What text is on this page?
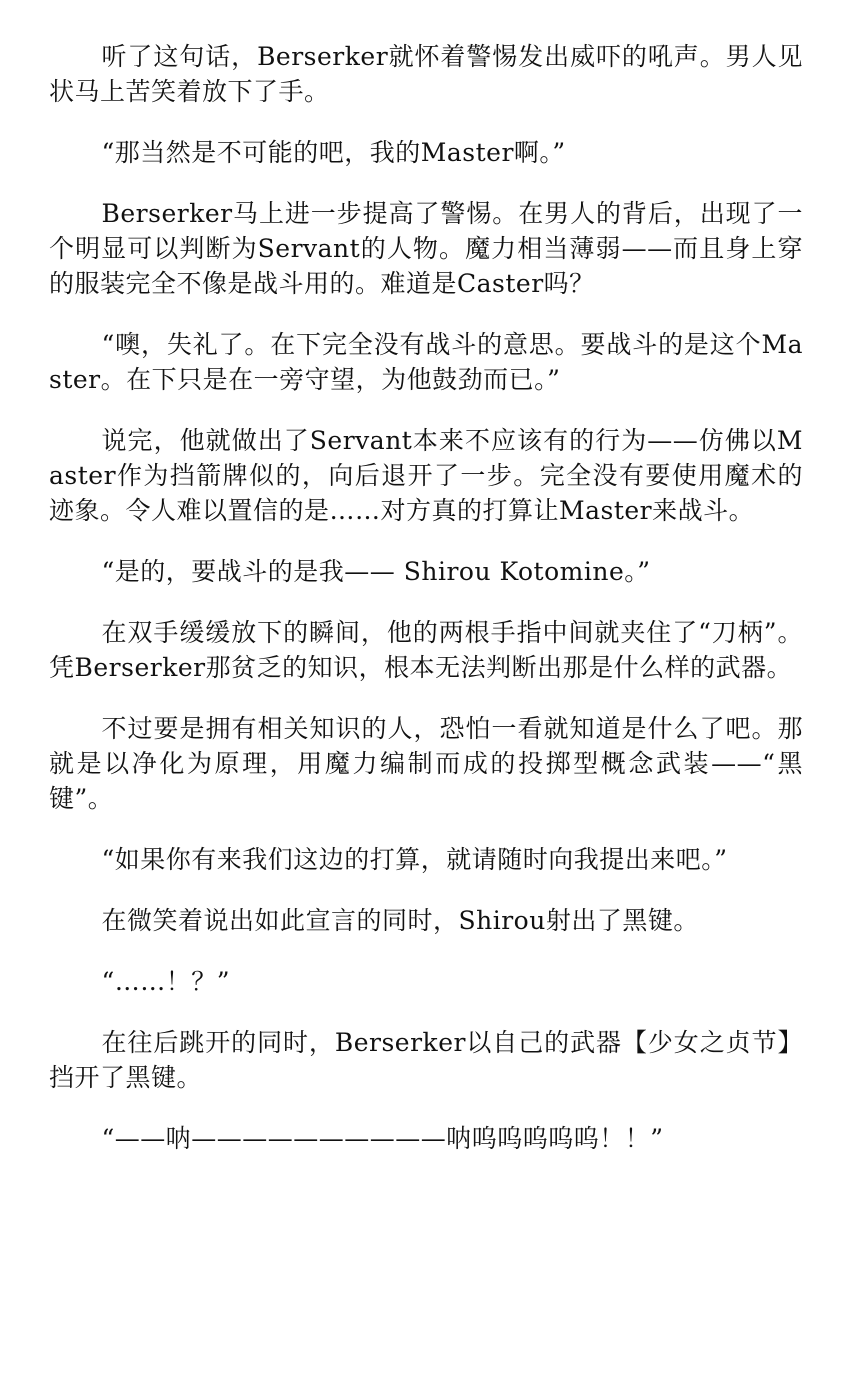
听了这句话，Berserker就怀着警惕发出威吓的吼声。男人见状马上苦笑着放下了手。

“那当然是不可能的吧，我的Master啊。”

Berserker马上进一步提高了警惕。在男人的背后，出现了一个明显可以判断为Servant的人物。魔力相当薄弱——而且身上穿的服装完全不像是战斗用的。难道是Caster吗？

“噢，失礼了。在下完全没有战斗的意思。要战斗的是这个Master。在下只是在一旁守望，为他鼓劲而已。”

说完，他就做出了Servant本来不应该有的行为——仿佛以Master作为挡箭牌似的，向后退开了一步。完全没有要使用魔术的迹象。令人难以置信的是……对方真的打算让Master来战斗。

“是的，要战斗的是我—— Shirou Kotomine。”

在双手缓缓放下的瞬间，他的两根手指中间就夹住了“刀柄”。凭Berserker那贫乏的知识，根本无法判断出那是什么样的武器。

不过要是拥有相关知识的人，恐怕一看就知道是什么了吧。那就是以净化为原理，用魔力编制而成的投掷型概念武装——“黑键”。

“如果你有来我们这边的打算，就请随时向我提出来吧。”

在微笑着说出如此宣言的同时，Shirou射出了黑键。

“……！？”

在往后跳开的同时，Berserker以自己的武器【少女之贞节】挡开了黑键。

“——呐——————————呐呜呜呜呜呜！！”
